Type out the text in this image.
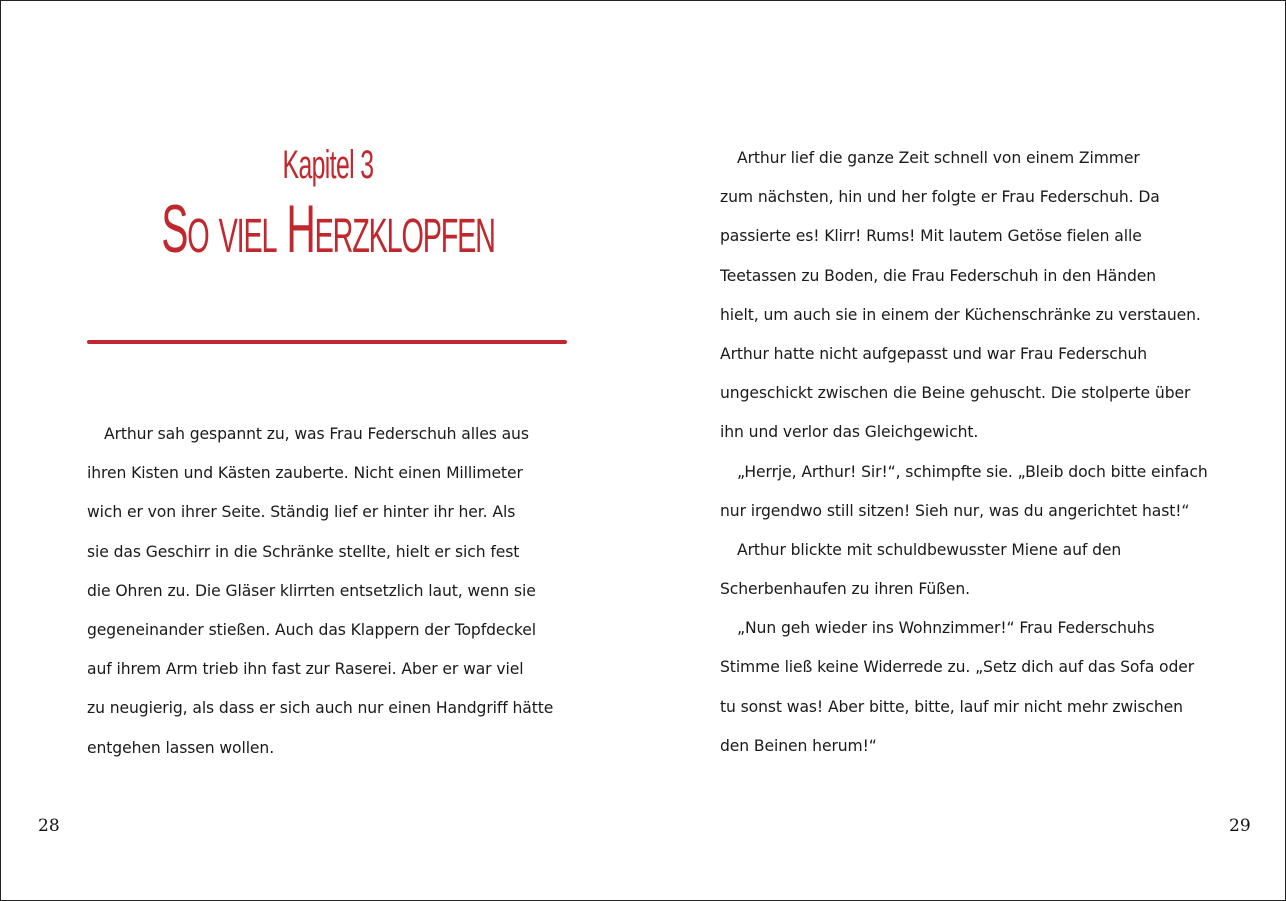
Kapitel 3
So viel Herzklopfen
Arthur sah gespannt zu, was Frau Federschuh alles aus
ihren Kisten und Kästen zauberte. Nicht einen Millimeter
wich er von ihrer Seite. Ständig lief er hinter ihr her. Als
sie das Geschirr in die Schränke stellte, hielt er sich fest
die Ohren zu. Die Gläser klirrten entsetzlich laut, wenn sie
gegeneinander stießen. Auch das Klappern der Topfdeckel
auf ihrem Arm trieb ihn fast zur Raserei. Aber er war viel
zu neugierig, als dass er sich auch nur einen Handgriff hätte
entgehen lassen wollen.
28	29
Arthur lief die ganze Zeit schnell von einem Zimmer
zum nächsten, hin und her folgte er Frau Federschuh. Da
passierte es! Klirr! Rums! Mit lautem Getöse fielen alle
Teetassen zu Boden, die Frau Federschuh in den Händen
hielt, um auch sie in einem der Küchenschränke zu verstauen.
Arthur hatte nicht aufgepasst und war Frau Federschuh
ungeschickt zwischen die Beine gehuscht. Die stolperte über
ihn und verlor das Gleichgewicht.
„Herrje, Arthur! Sir!“, schimpfte sie. „Bleib doch bitte einfach
nur irgendwo still sitzen! Sieh nur, was du angerichtet hast!“
Arthur blickte mit schuldbewusster Miene auf den
Scherbenhaufen zu ihren Füßen.
„Nun geh wieder ins Wohnzimmer!“ Frau Federschuhs
Stimme ließ keine Widerrede zu. „Setz dich auf das Sofa oder
tu sonst was! Aber bitte, bitte, lauf mir nicht mehr zwischen
den Beinen herum!“
